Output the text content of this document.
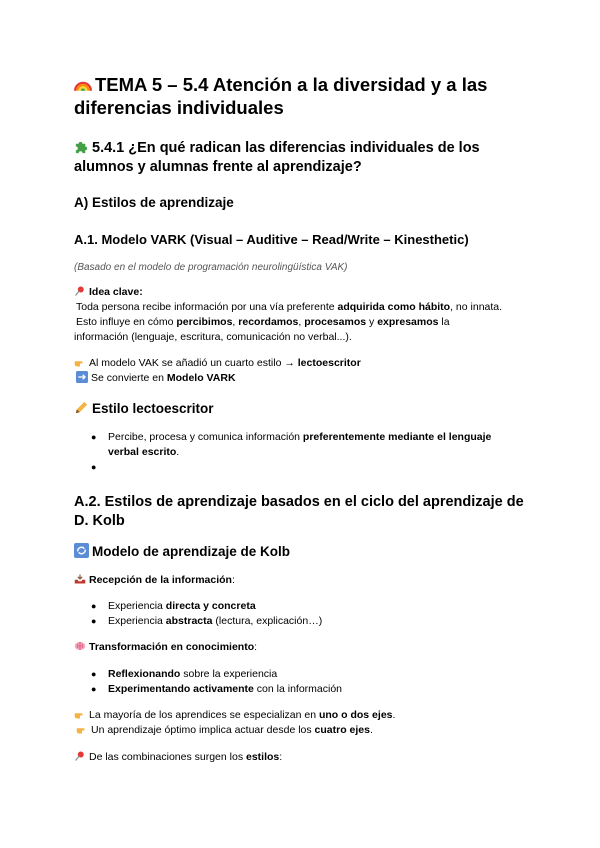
TEMA 5 – 5.4 Atención a la diversidad y a las
diferencias individuales
5.4.1 ¿En qué radican las diferencias individuales de los
alumnos y alumnas frente al aprendizaje?
A) Estilos de aprendizaje
A.1. Modelo VARK (Visual – Auditive – Read/Write – Kinesthetic)
(Basado en el modelo de programación neurolingüística VAK)
Idea clave:
Toda persona recibe información por una vía preferente adquirida como hábito, no innata.
Esto influye en cómo percibimos, recordamos, procesamos y expresamos la
información (lenguaje, escritura, comunicación no verbal...).
Al modelo VAK se añadió un cuarto estilo → lectoescritor
Se convierte en Modelo VARK
Estilo lectoescritor
● Percibe, procesa y comunica información preferentemente mediante el lenguaje
verbal escrito.
●
A.2. Estilos de aprendizaje basados en el ciclo del aprendizaje de
D. Kolb
Modelo de aprendizaje de Kolb
Recepción de la información:
● Experiencia directa y concreta
● Experiencia abstracta (lectura, explicación…)
Transformación en conocimiento:
● Reflexionando sobre la experiencia
● Experimentando activamente con la información
La mayoría de los aprendices se especializan en uno o dos ejes.
Un aprendizaje óptimo implica actuar desde los cuatro ejes.
De las combinaciones surgen los estilos:
